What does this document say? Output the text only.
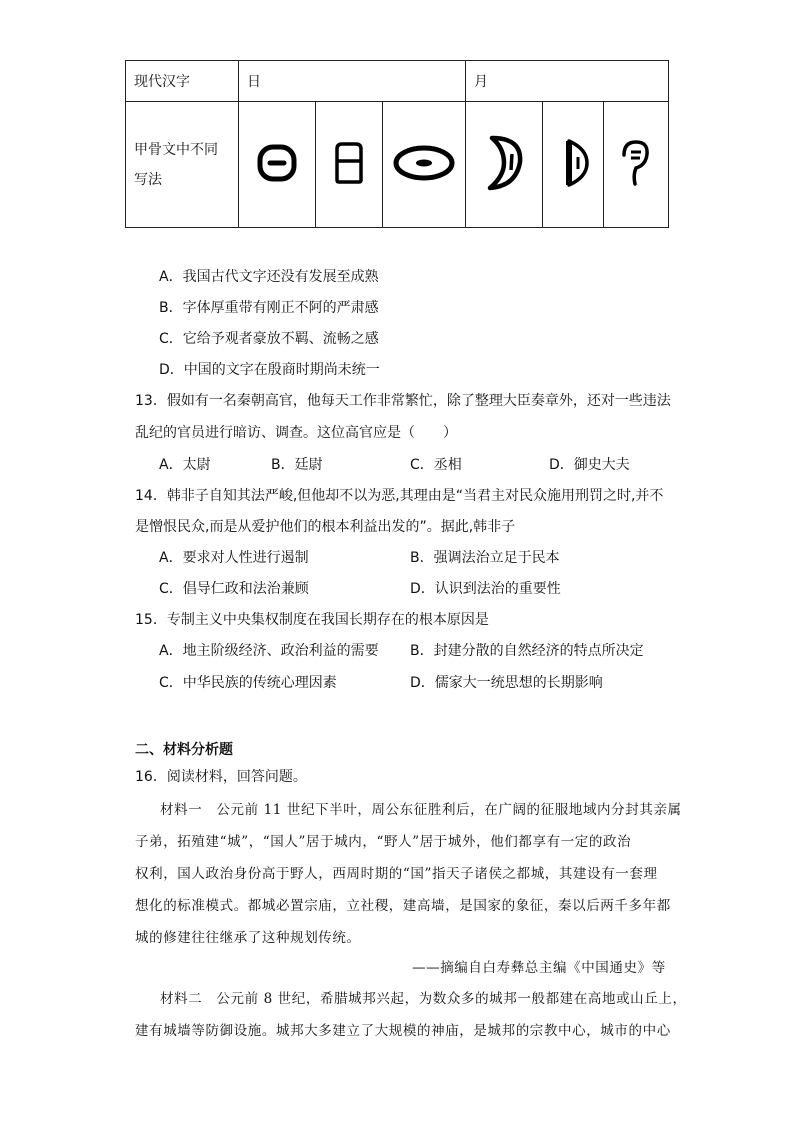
现代汉字	日			月		

甲骨文中不同
写法

A．我国古代文字还没有发展至成熟
B．字体厚重带有刚正不阿的严肃感
C．它给予观者豪放不羁、流畅之感
D．中国的文字在殷商时期尚未统一
13．假如有一名秦朝高官，他每天工作非常繁忙，除了整理大臣奏章外，还对一些违法
乱纪的官员进行暗访、调查。这位高官应是（　　）
A．太尉	B．廷尉	C．丞相	D．御史大夫
14．韩非子自知其法严峻,但他却不以为恶,其理由是“当君主对民众施用刑罚之时,并不
是憎恨民众,而是从爱护他们的根本利益出发的”。据此,韩非子
A．要求对人性进行遏制	B．强调法治立足于民本
C．倡导仁政和法治兼顾	D．认识到法治的重要性
15．专制主义中央集权制度在我国长期存在的根本原因是
A．地主阶级经济、政治利益的需要 B．封建分散的自然经济的特点所决定
C．中华民族的传统心理因素	D．儒家大一统思想的长期影响
二、材料分析题
16．阅读材料，回答问题。
材料一　公元前 11 世纪下半叶，周公东征胜利后，在广阔的征服地域内分封其亲属
子弟，拓殖建“城”，“国人”居于城内，“野人”居于城外，他们都享有一定的政治
权利，国人政治身份高于野人，西周时期的“国”指天子诸侯之都城，其建设有一套理
想化的标准模式。都城必置宗庙，立社稷，建高墙，是国家的象征，秦以后两千多年都
城的修建往往继承了这种规划传统。
——摘编自白寿彝总主编《中国通史》等
材料二　公元前 8 世纪，希腊城邦兴起，为数众多的城邦一般都建在高地或山丘上，
建有城墙等防御设施。城邦大多建立了大规模的神庙，是城邦的宗教中心，城市的中心
